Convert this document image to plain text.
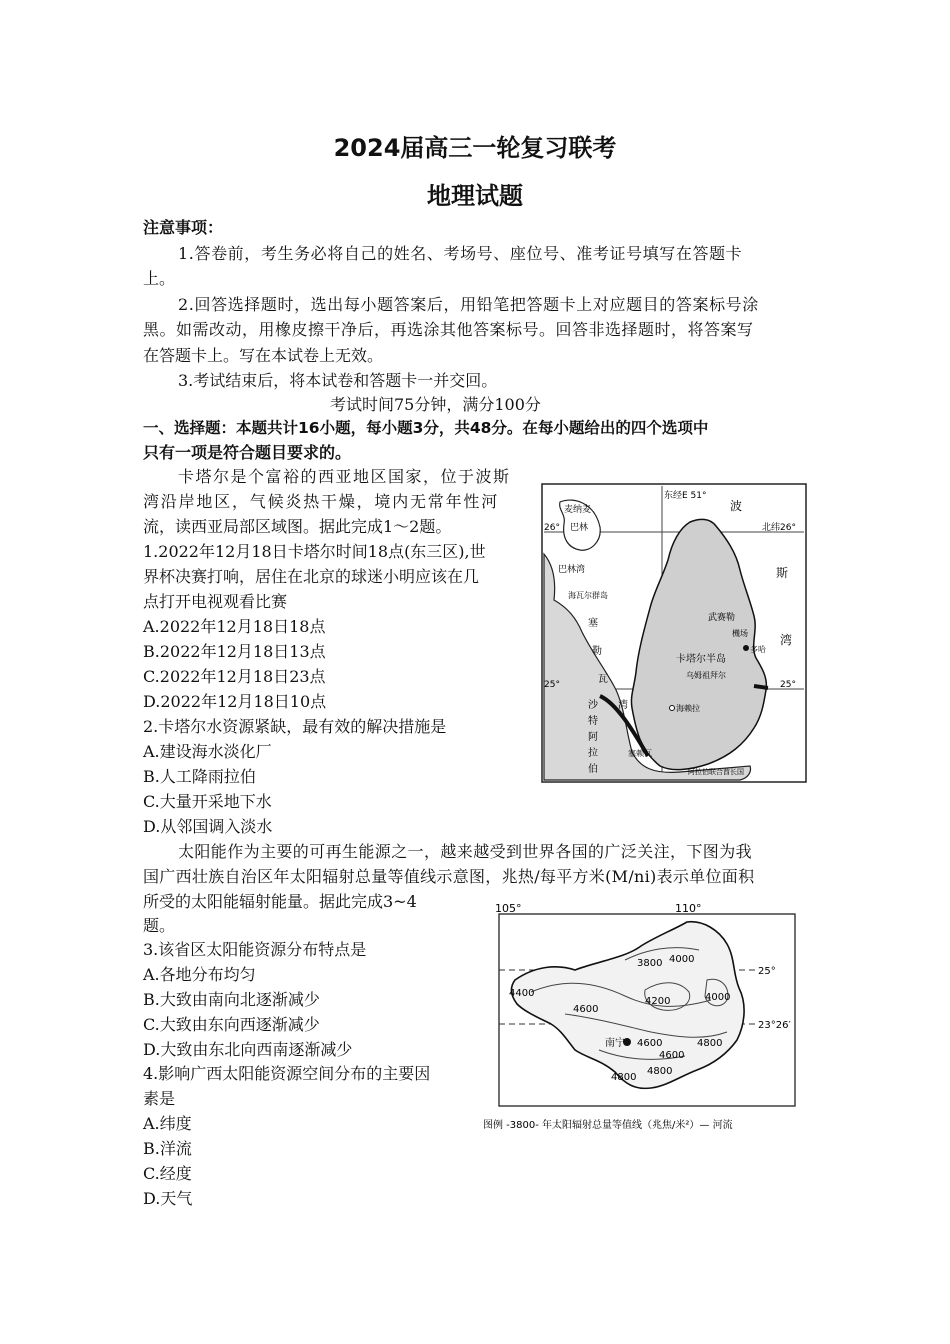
2024届高三一轮复习联考
地理试题
注意事项：
1.答卷前，考生务必将自己的姓名、考场号、座位号、准考证号填写在答题卡
上。
2.回答选择题时，选出每小题答案后，用铅笔把答题卡上对应题目的答案标号涂
黑。如需改动，用橡皮擦干净后，再选涂其他答案标号。回答非选择题时，将答案写
在答题卡上。写在本试卷上无效。
3.考试结束后，将本试卷和答题卡一并交回。
考试时间75分钟，满分100分
一、选择题：本题共计16小题，每小题3分，共48分。在每小题给出的四个选项中
只有一项是符合题目要求的。
卡塔尔是个富裕的西亚地区国家，位于波斯
湾沿岸地区，气候炎热干燥，境内无常年性河
流，读西亚局部区域图。据此完成1～2题。
1.2022年12月18日卡塔尔时间18点(东三区),世
界杯决赛打响，居住在北京的球迷小明应该在几
点打开电视观看比赛
A.2022年12月18日18点
B.2022年12月18日13点
C.2022年12月18日23点
D.2022年12月18日10点
2.卡塔尔水资源紧缺，最有效的解决措施是
A.建设海水淡化厂
B.人工降雨拉伯
C.大量开采地下水
D.从邻国调入淡水
太阳能作为主要的可再生能源之一，越来越受到世界各国的广泛关注，下图为我
国广西壮族自治区年太阳辐射总量等值线示意图，兆热/每平方米(M/ni)表示单位面积
所受的太阳能辐射能量。据此完成3~4
题。
3.该省区太阳能资源分布特点是
A.各地分布均匀
B.大致由南向北逐渐减少
C.大致由东向西逐渐减少
D.大致由东北向西南逐渐减少
4.影响广西太阳能资源空间分布的主要因
素是
A.纬度
B.洋流
C.经度
D.天气
东经E 51°
26°	北纬26°
25°	25°
波
斯
湾
麦纳麦
巴林
巴林湾
海瓦尔群岛
塞
勒
瓦
湾
武赛勒
機场
多哈
卡塔尔半岛
乌姆祖拜尔
沙
特
阿
拉
伯
海赖拉
塞赖瓦
阿拉伯联合酋长国
105°	110°
25°
23°26′
3800 4000
4400
4200	4000
4600
南宁 4600	4800
4600
4800
4800
图例 -3800- 年太阳辐射总量等值线（兆焦/米²）— 河流
